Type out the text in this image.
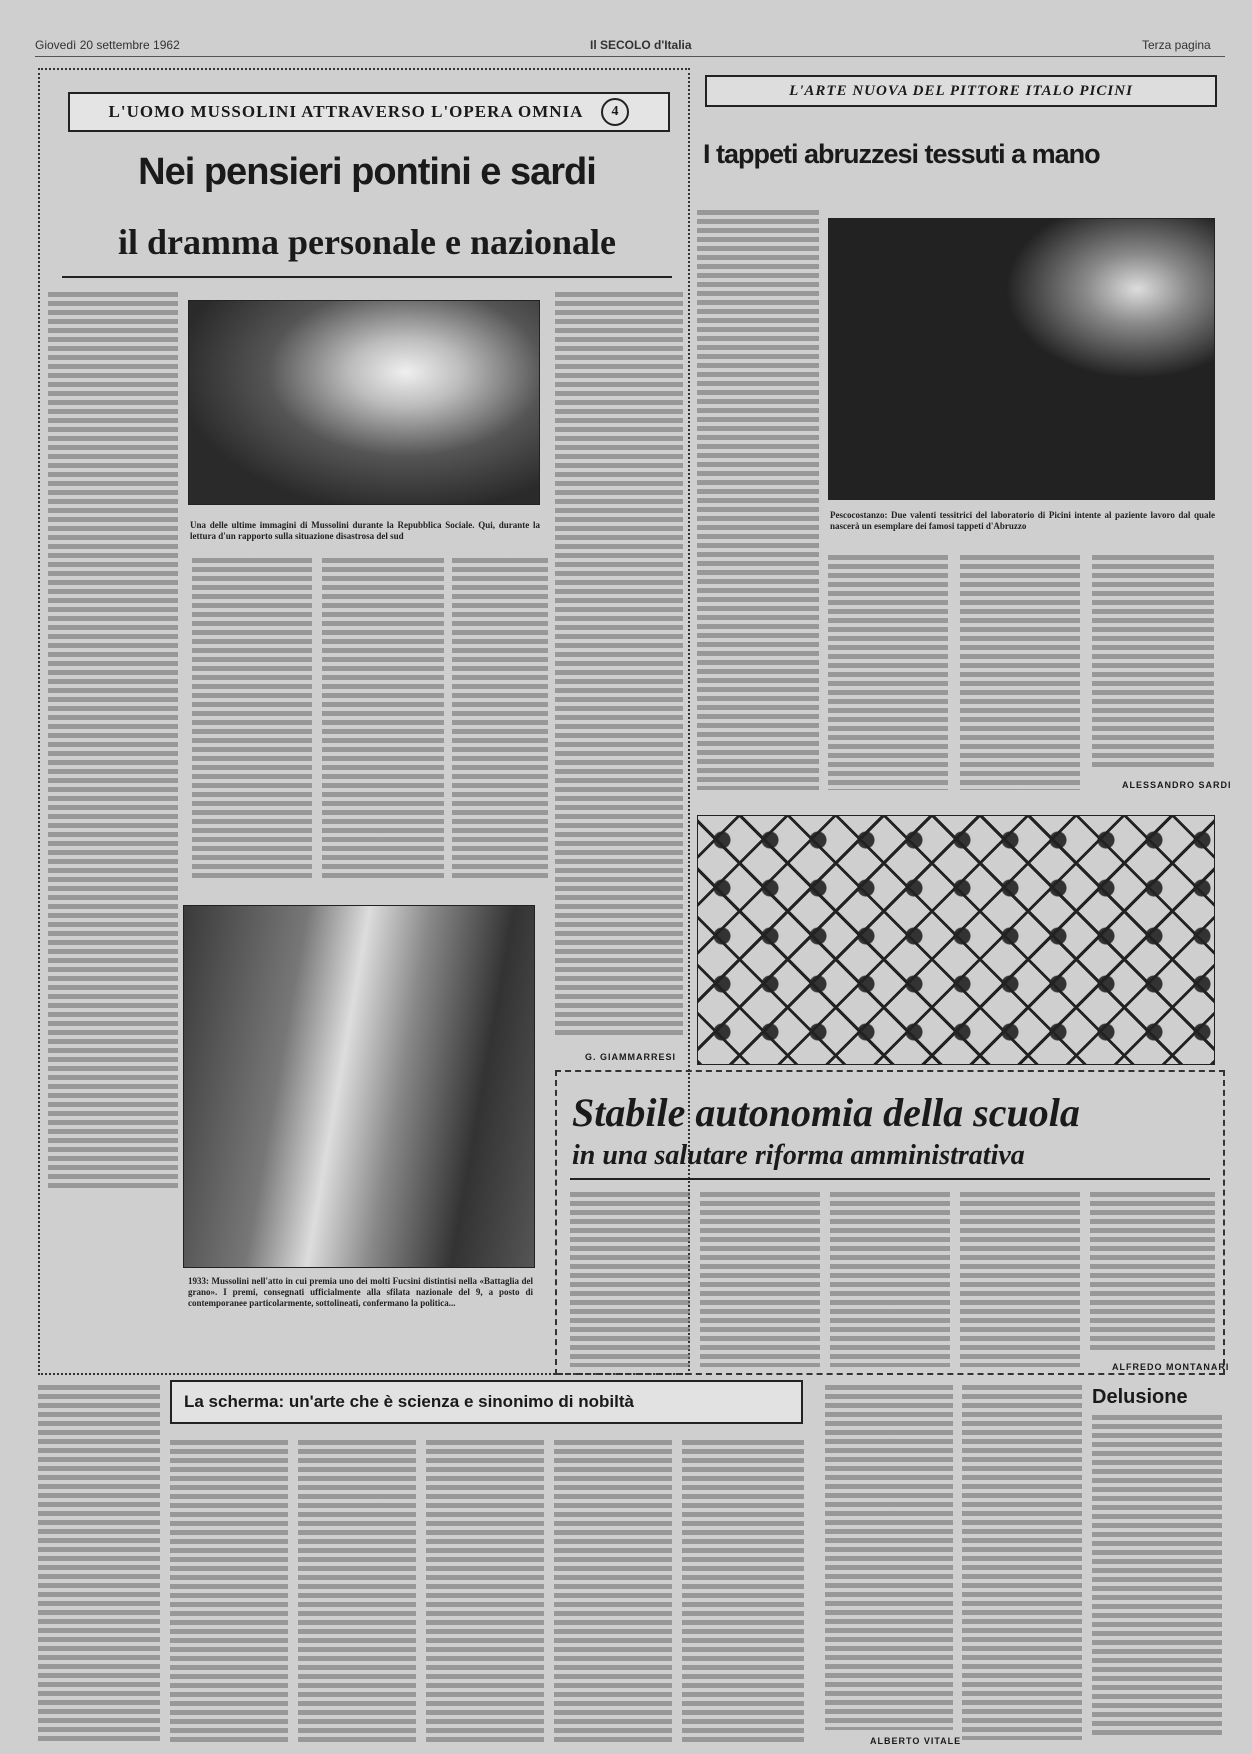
Giovedì 20 settembre 1962	Il SECOLO d'Italia	Terza pagina
L'UOMO MUSSOLINI ATTRAVERSO L'OPERA OMNIA	4
Nei pensieri pontini e sardi
il dramma personale e nazionale
Una delle ultime immagini di Mussolini durante la Repubblica Sociale. Qui, durante la lettura d'un rapporto sulla situazione disastrosa del sud
G. GIAMMARRESI
1933: Mussolini nell'atto in cui premia uno dei molti Fucsini distintisi nella «Battaglia del grano». I premi, consegnati ufficialmente alla sfilata nazionale del 9, a posto di contemporanee particolarmente, sottolineati, confermano la politica...
L'ARTE NUOVA DEL PITTORE ITALO PICINI
I tappeti abruzzesi tessuti a mano
Pescocostanzo: Due valenti tessitrici del laboratorio di Picini intente al paziente lavoro dal quale nascerà un esemplare dei famosi tappeti d'Abruzzo
ALESSANDRO SARDI
Stabile autonomia della scuola
in una salutare riforma amministrativa
ALFREDO MONTANARI
La scherma: un'arte che è scienza e sinonimo di nobiltà
ALBERTO VITALE
Delusione
